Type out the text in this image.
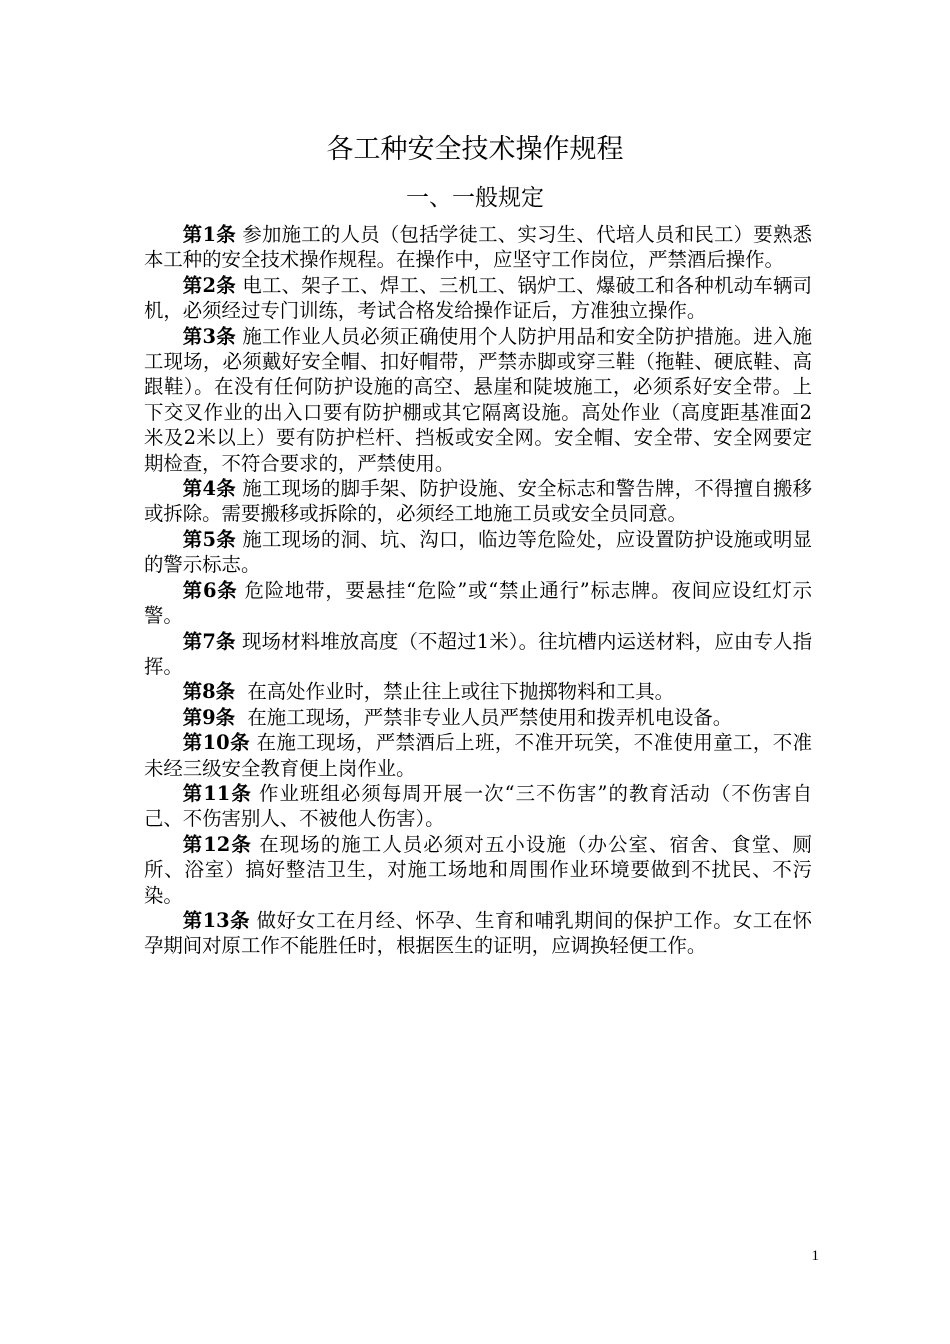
各工种安全技术操作规程
一、一般规定

第1条 参加施工的人员（包括学徒工、实习生、代培人员和民工）要熟悉本工种的安全技术操作规程。在操作中，应坚守工作岗位，严禁酒后操作。

第2条 电工、架子工、焊工、三机工、锅炉工、爆破工和各种机动车辆司机，必须经过专门训练，考试合格发给操作证后，方准独立操作。

第3条 施工作业人员必须正确使用个人防护用品和安全防护措施。进入施工现场，必须戴好安全帽、扣好帽带，严禁赤脚或穿三鞋（拖鞋、硬底鞋、高跟鞋）。在没有任何防护设施的高空、悬崖和陡坡施工，必须系好安全带。上下交叉作业的出入口要有防护棚或其它隔离设施。高处作业（高度距基准面2米及2米以上）要有防护栏杆、挡板或安全网。安全帽、安全带、安全网要定期检查，不符合要求的，严禁使用。

第4条 施工现场的脚手架、防护设施、安全标志和警告牌，不得擅自搬移或拆除。需要搬移或拆除的，必须经工地施工员或安全员同意。

第5条 施工现场的洞、坑、沟口，临边等危险处，应设置防护设施或明显的警示标志。

第6条 危险地带，要悬挂“危险”或“禁止通行”标志牌。夜间应设红灯示警。

第7条 现场材料堆放高度（不超过1米）。往坑槽内运送材料，应由专人指挥。

第8条 在高处作业时，禁止往上或往下抛掷物料和工具。

第9条 在施工现场，严禁非专业人员严禁使用和拨弄机电设备。

第10条 在施工现场，严禁酒后上班，不准开玩笑，不准使用童工，不准未经三级安全教育便上岗作业。

第11条 作业班组必须每周开展一次“三不伤害”的教育活动（不伤害自己、不伤害别人、不被他人伤害）。

第12条 在现场的施工人员必须对五小设施（办公室、宿舍、食堂、厕所、浴室）搞好整洁卫生，对施工场地和周围作业环境要做到不扰民、不污染。

第13条 做好女工在月经、怀孕、生育和哺乳期间的保护工作。女工在怀孕期间对原工作不能胜任时，根据医生的证明，应调换轻便工作。

1
